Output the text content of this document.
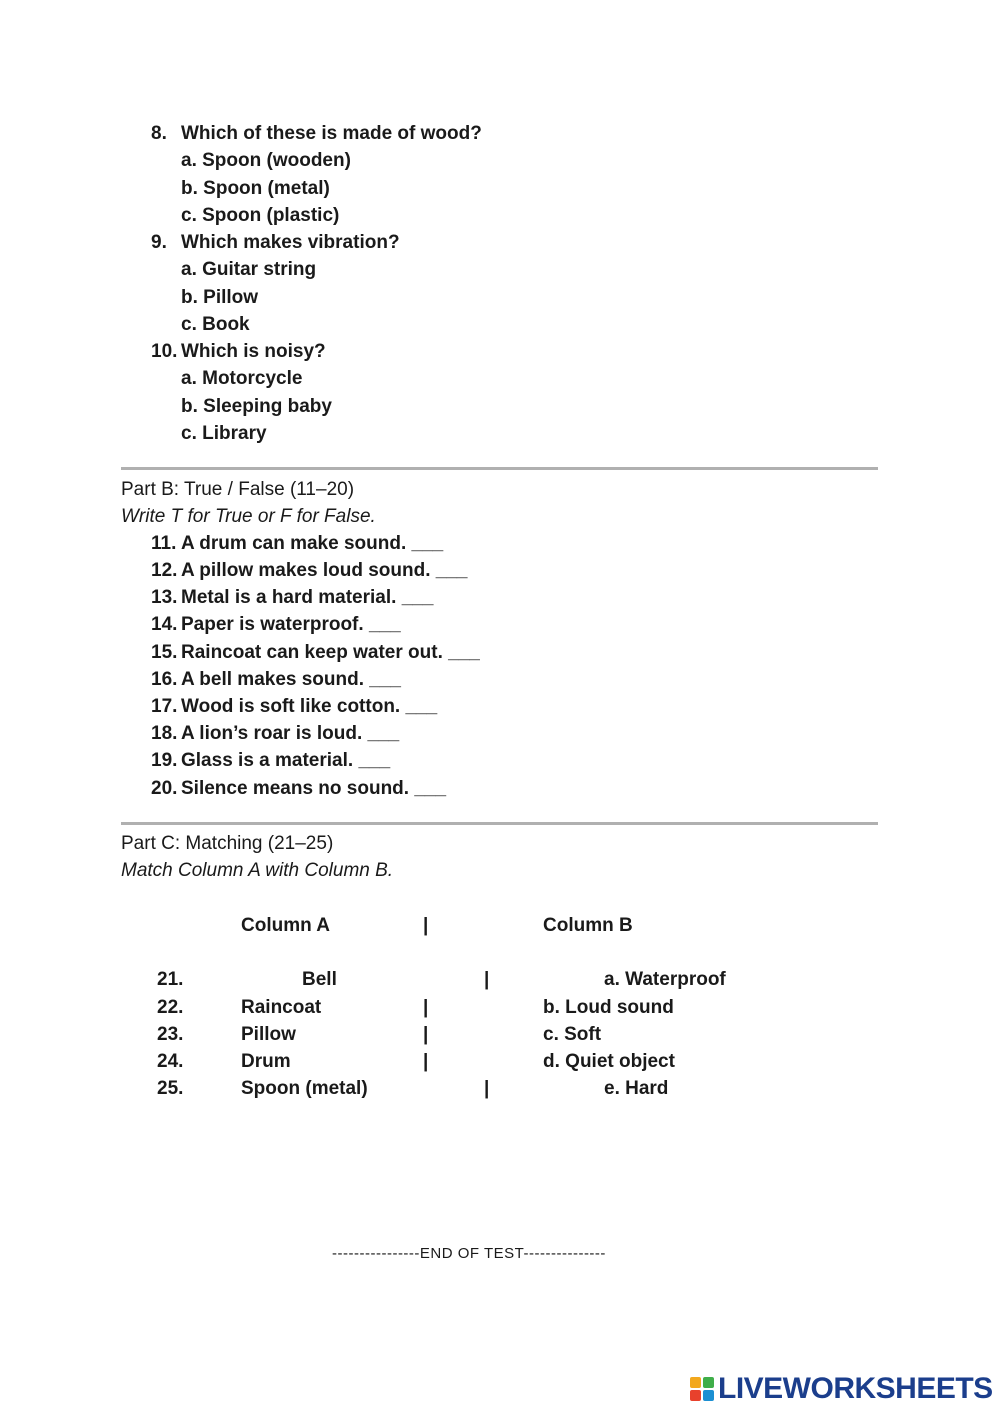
8. Which of these is made of wood?
a. Spoon (wooden)
b. Spoon (metal)
c. Spoon (plastic)
9. Which makes vibration?
a. Guitar string
b. Pillow
c. Book
10. Which is noisy?
a. Motorcycle
b. Sleeping baby
c. Library
Part B: True / False (11–20)
Write T for True or F for False.
11. A drum can make sound. ___
12. A pillow makes loud sound. ___
13. Metal is a hard material. ___
14. Paper is waterproof. ___
15. Raincoat can keep water out. ___
16. A bell makes sound. ___
17. Wood is soft like cotton. ___
18. A lion’s roar is loud. ___
19. Glass is a material. ___
20. Silence means no sound. ___
Part C: Matching (21–25)
Match Column A with Column B.
Column A	|	Column B
21.	Bell	|	a. Waterproof
22.	Raincoat	|	b. Loud sound
23.	Pillow	|	c. Soft
24.	Drum	|	d. Quiet object
25.	Spoon (metal)	|	e. Hard
----------------END OF TEST---------------
LIVEWORKSHEETS
